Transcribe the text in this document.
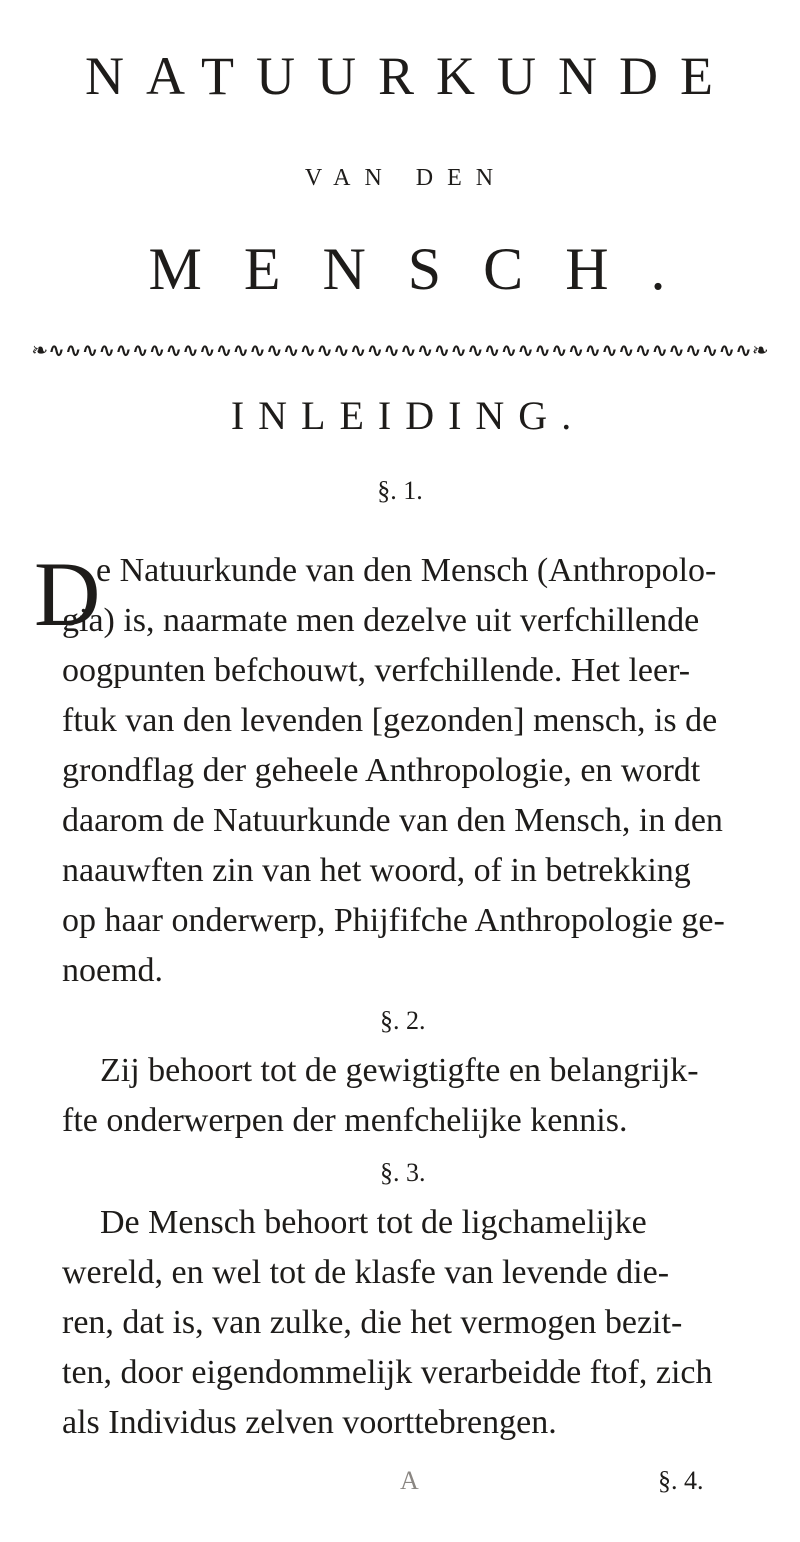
NATUURKUNDE
VAN DEN
MENSCH.
❧∿∿∿∿∿∿∿∿∿∿∿∿∿∿∿∿∿∿∿∿∿∿∿∿∿∿∿∿∿∿∿∿∿∿∿∿∿∿∿∿∿∿❧
INLEIDING.
§. 1.
D
e Natuurkunde van den Mensch (Anthropolo-
gia) is, naarmate men dezelve uit verfchillende
oogpunten befchouwt, verfchillende. Het leer-
ftuk van den levenden [gezonden] mensch, is de
grondflag der geheele Anthropologie, en wordt
daarom de Natuurkunde van den Mensch, in den
naauwften zin van het woord, of in betrekking
op haar onderwerp, Phijfifche Anthropologie ge-
noemd.
§. 2.
Zij behoort tot de gewigtigfte en belangrijk-
fte onderwerpen der menfchelijke kennis.
§. 3.
De Mensch behoort tot de ligchamelijke
wereld, en wel tot de klasfe van levende die-
ren, dat is, van zulke, die het vermogen bezit-
ten, door eigendommelijk verarbeidde ftof, zich
als Individus zelven voorttebrengen.
A	§. 4.
